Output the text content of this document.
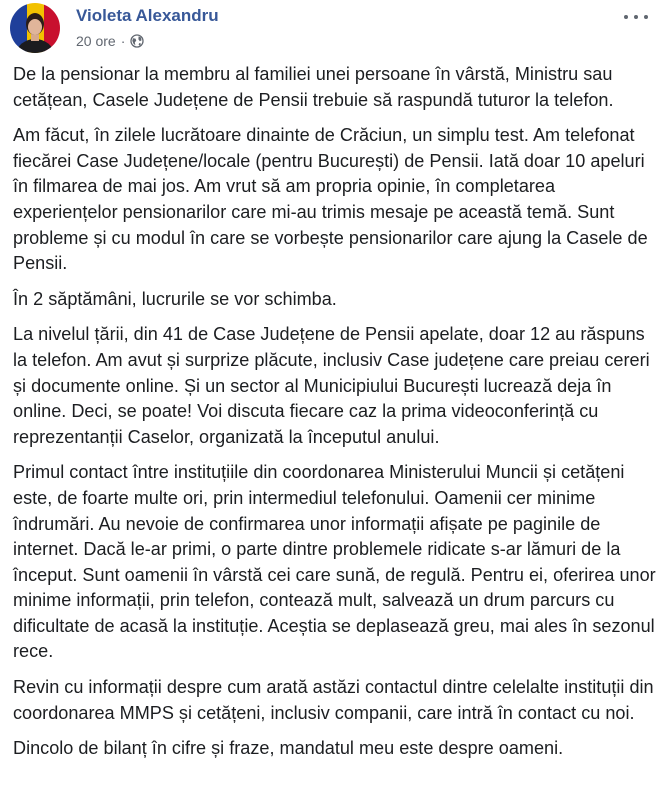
Violeta Alexandru
20 ore ·

De la pensionar la membru al familiei unei persoane în vârstă, Ministru sau cetățean, Casele Județene de Pensii trebuie să raspundă tuturor la telefon.

Am făcut, în zilele lucrătoare dinainte de Crăciun, un simplu test. Am telefonat fiecărei Case Județene/locale (pentru București) de Pensii. Iată doar 10 apeluri în filmarea de mai jos. Am vrut să am propria opinie, în completarea experiențelor pensionarilor care mi-au trimis mesaje pe această temă. Sunt probleme și cu modul în care se vorbește pensionarilor care ajung la Casele de Pensii.

În 2 săptămâni, lucrurile se vor schimba.

La nivelul țării, din 41 de Case Județene de Pensii apelate, doar 12 au răspuns la telefon. Am avut și surprize plăcute, inclusiv Case județene care preiau cereri și documente online. Și un sector al Municipiului București lucrează deja în online. Deci, se poate! Voi discuta fiecare caz la prima videoconferință cu reprezentanții Caselor, organizată la începutul anului.

Primul contact între instituțiile din coordonarea Ministerului Muncii și cetățeni este, de foarte multe ori, prin intermediul telefonului. Oamenii cer minime îndrumări. Au nevoie de confirmarea unor informații afișate pe paginile de internet. Dacă le-ar primi, o parte dintre problemele ridicate s-ar lămuri de la început. Sunt oamenii în vârstă cei care sună, de regulă. Pentru ei, oferirea unor minime informații, prin telefon, contează mult, salvează un drum parcurs cu dificultate de acasă la instituție. Aceștia se deplasează greu, mai ales în sezonul rece.

Revin cu informații despre cum arată astăzi contactul dintre celelalte instituții din coordonarea MMPS și cetățeni, inclusiv companii, care intră în contact cu noi.

Dincolo de bilanț în cifre și fraze, mandatul meu este despre oameni.
